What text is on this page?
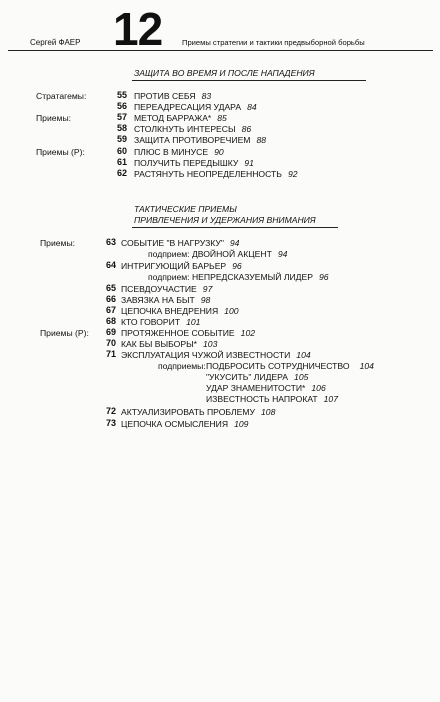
Сергей ФАЕР 12	Приемы стратегии и тактики предвыборной борьбы
ЗАЩИТА ВО ВРЕМЯ И ПОСЛЕ НАПАДЕНИЯ
Стратагемы:
Приемы:
Приемы (Р):
55 ПРОТИВ СЕБЯ 83
56 ПЕРЕАДРЕСАЦИЯ УДАРА 84
57 МЕТОД БАРРАЖА* 85
58 СТОЛКНУТЬ ИНТЕРЕСЫ 86
59 ЗАЩИТА ПРОТИВОРЕЧИЕМ 88
60 ПЛЮС В МИНУСЕ 90
61 ПОЛУЧИТЬ ПЕРЕДЫШКУ 91
62 РАСТЯНУТЬ НЕОПРЕДЕЛЕННОСТЬ 92
ТАКТИЧЕСКИЕ ПРИЕМЫ
ПРИВЛЕЧЕНИЯ И УДЕРЖАНИЯ ВНИМАНИЯ
Приемы:
Приемы (Р):
63 СОБЫТИЕ "В НАГРУЗКУ" 94
подприем: ДВОЙНОЙ АКЦЕНТ 94
64 ИНТРИГУЮЩИЙ БАРЬЕР 96
подприем: НЕПРЕДСКАЗУЕМЫЙ ЛИДЕР 96
65 ПСЕВДОУЧАСТИЕ 97
66 ЗАВЯЗКА НА БЫТ 98
67 ЦЕПОЧКА ВНЕДРЕНИЯ 100
68 КТО ГОВОРИТ 101
69 ПРОТЯЖЕННОЕ СОБЫТИЕ 102
70 КАК БЫ ВЫБОРЫ* 103
71 ЭКСПЛУАТАЦИЯ ЧУЖОЙ ИЗВЕСТНОСТИ 104
подприемы: ПОДБРОСИТЬ СОТРУДНИЧЕСТВО 104
"УКУСИТЬ" ЛИДЕРА 105
УДАР ЗНАМЕНИТОСТИ* 106
ИЗВЕСТНОСТЬ НАПРОКАТ 107
72 АКТУАЛИЗИРОВАТЬ ПРОБЛЕМУ 108
73 ЦЕПОЧКА ОСМЫСЛЕНИЯ 109
